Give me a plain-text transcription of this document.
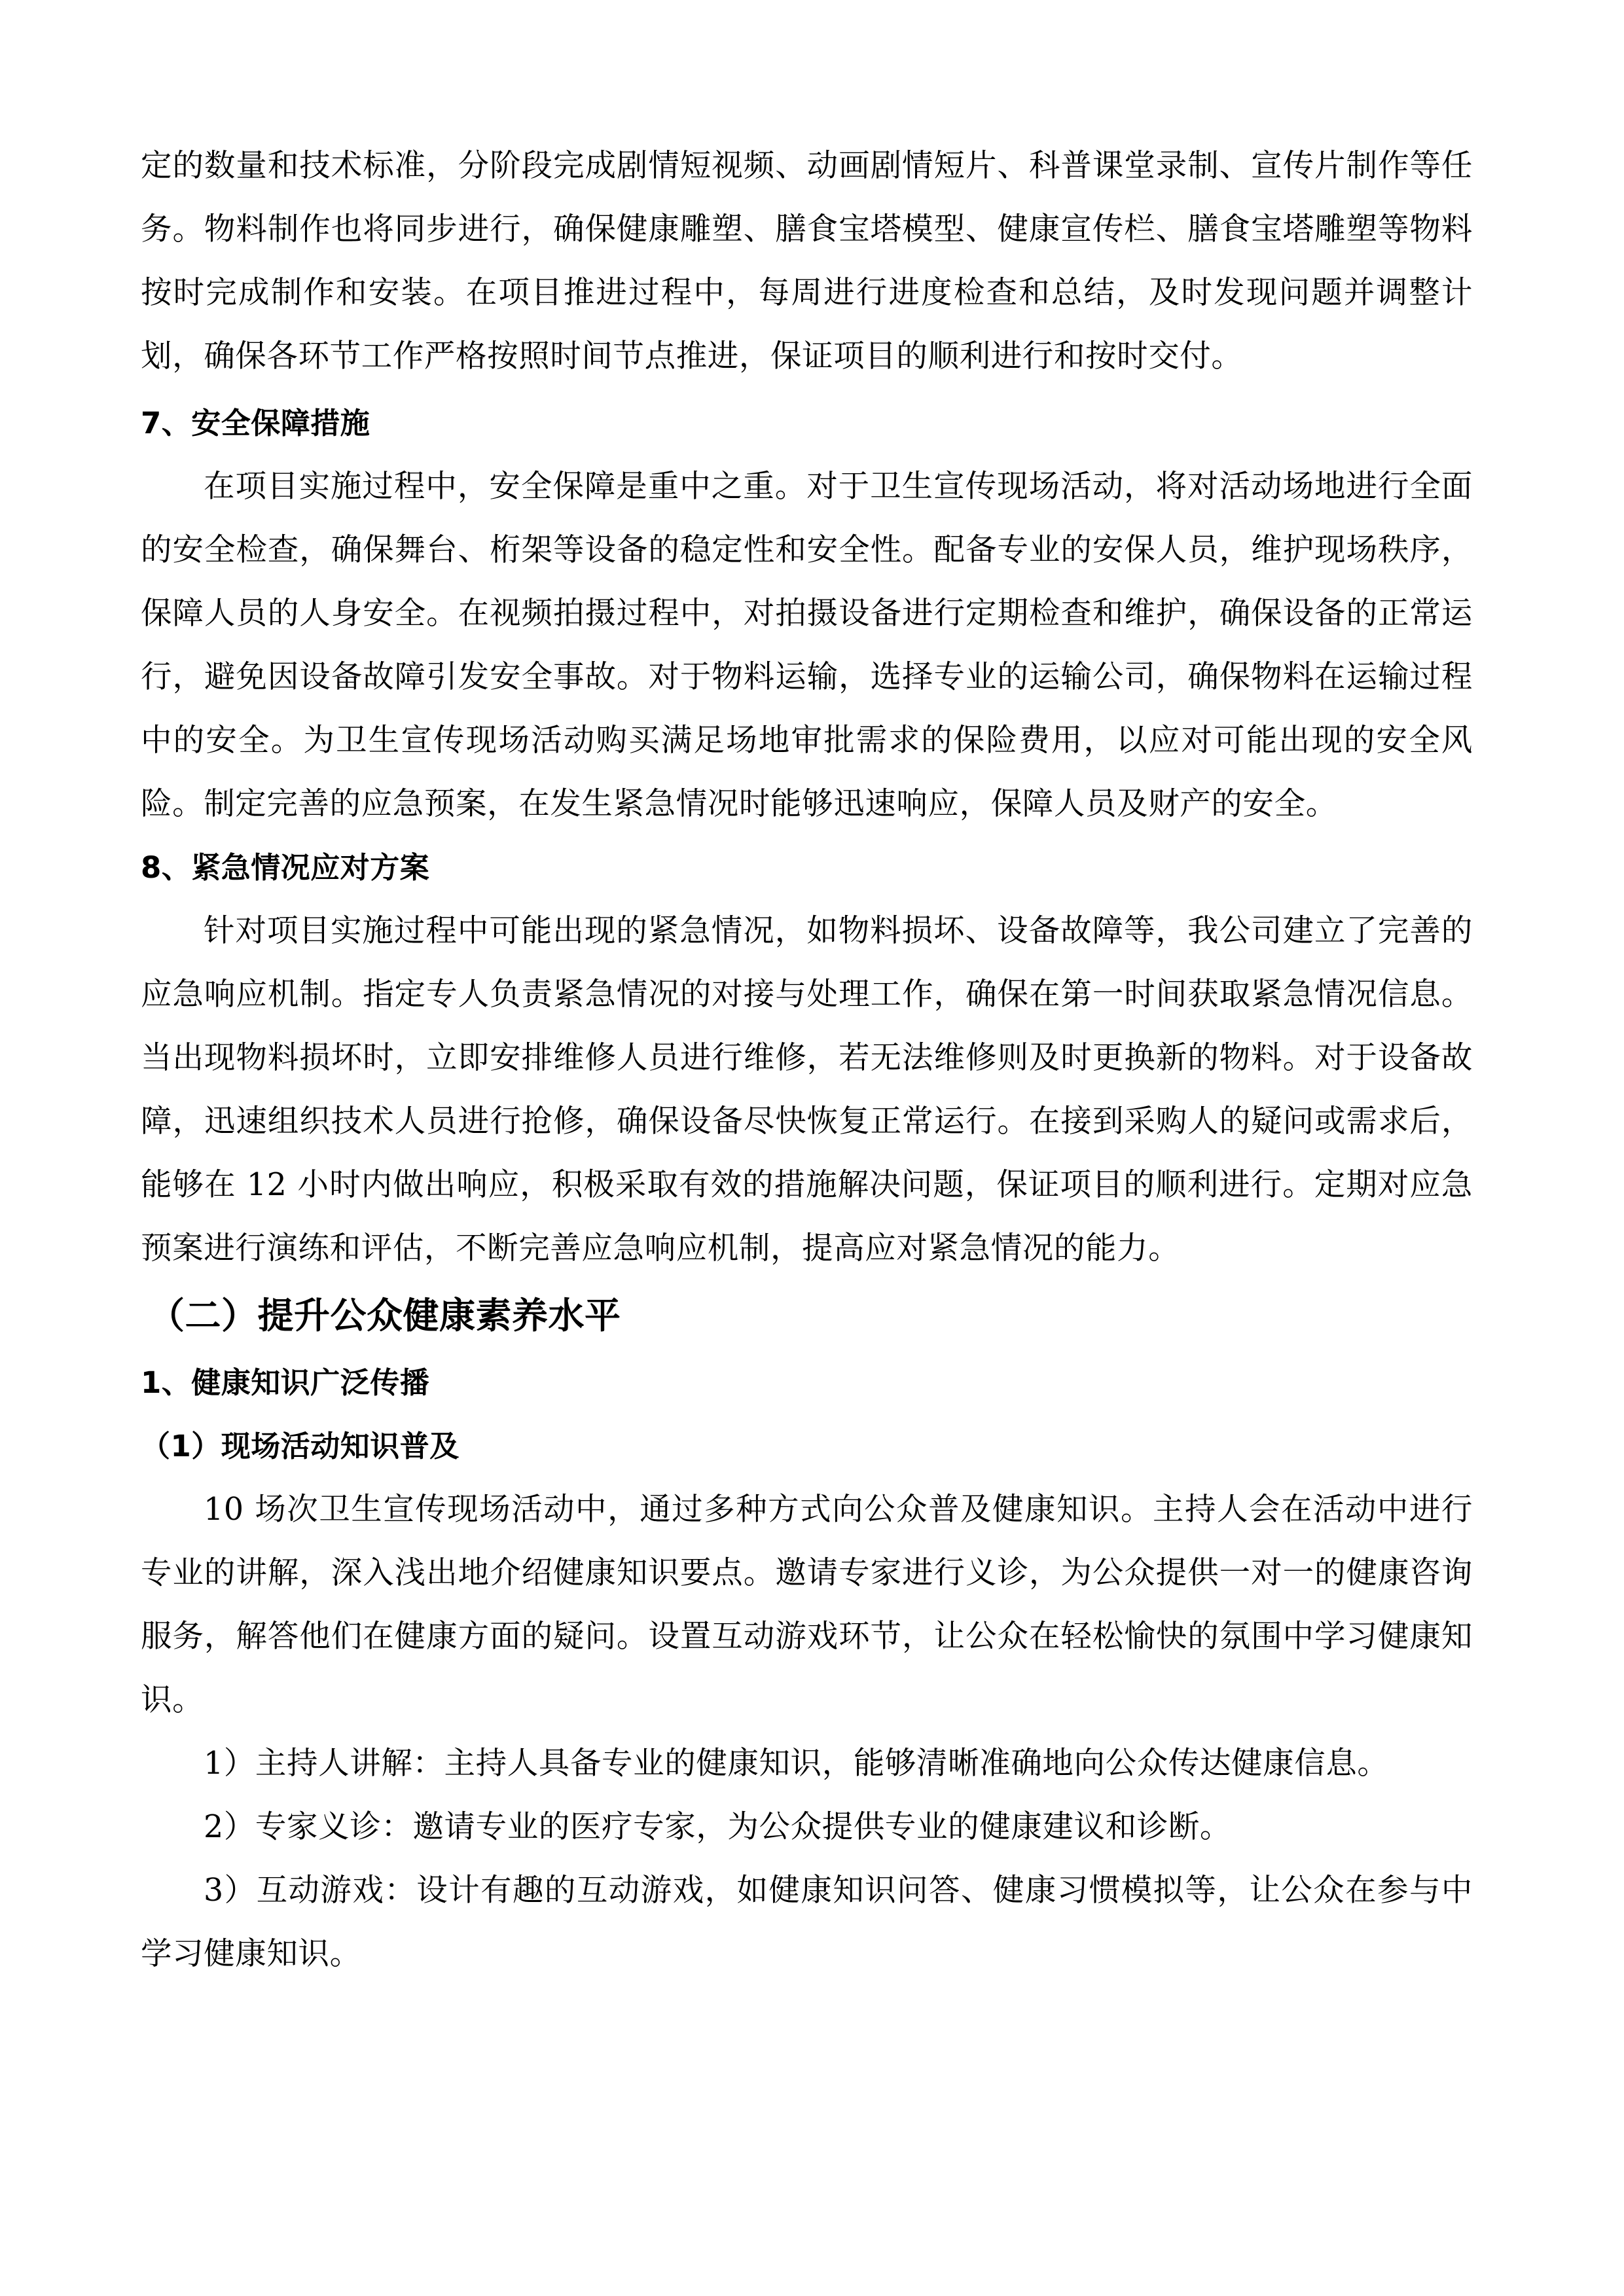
定的数量和技术标准，分阶段完成剧情短视频、动画剧情短片、科普课堂录制、宣传片制作等任务。物料制作也将同步进行，确保健康雕塑、膳食宝塔模型、健康宣传栏、膳食宝塔雕塑等物料按时完成制作和安装。在项目推进过程中，每周进行进度检查和总结，及时发现问题并调整计划，确保各环节工作严格按照时间节点推进，保证项目的顺利进行和按时交付。

7、安全保障措施

在项目实施过程中，安全保障是重中之重。对于卫生宣传现场活动，将对活动场地进行全面的安全检查，确保舞台、桁架等设备的稳定性和安全性。配备专业的安保人员，维护现场秩序，保障人员的人身安全。在视频拍摄过程中，对拍摄设备进行定期检查和维护，确保设备的正常运行，避免因设备故障引发安全事故。对于物料运输，选择专业的运输公司，确保物料在运输过程中的安全。为卫生宣传现场活动购买满足场地审批需求的保险费用，以应对可能出现的安全风险。制定完善的应急预案，在发生紧急情况时能够迅速响应，保障人员及财产的安全。

8、紧急情况应对方案

针对项目实施过程中可能出现的紧急情况，如物料损坏、设备故障等，我公司建立了完善的应急响应机制。指定专人负责紧急情况的对接与处理工作，确保在第一时间获取紧急情况信息。当出现物料损坏时，立即安排维修人员进行维修，若无法维修则及时更换新的物料。对于设备故障，迅速组织技术人员进行抢修，确保设备尽快恢复正常运行。在接到采购人的疑问或需求后，能够在 12 小时内做出响应，积极采取有效的措施解决问题，保证项目的顺利进行。定期对应急预案进行演练和评估，不断完善应急响应机制，提高应对紧急情况的能力。

（二）提升公众健康素养水平
1、健康知识广泛传播
（1）现场活动知识普及

10 场次卫生宣传现场活动中，通过多种方式向公众普及健康知识。主持人会在活动中进行专业的讲解，深入浅出地介绍健康知识要点。邀请专家进行义诊，为公众提供一对一的健康咨询服务，解答他们在健康方面的疑问。设置互动游戏环节，让公众在轻松愉快的氛围中学习健康知识。

1）主持人讲解：主持人具备专业的健康知识，能够清晰准确地向公众传达健康信息。

2）专家义诊：邀请专业的医疗专家，为公众提供专业的健康建议和诊断。

3）互动游戏：设计有趣的互动游戏，如健康知识问答、健康习惯模拟等，让公众在参与中学习健康知识。
